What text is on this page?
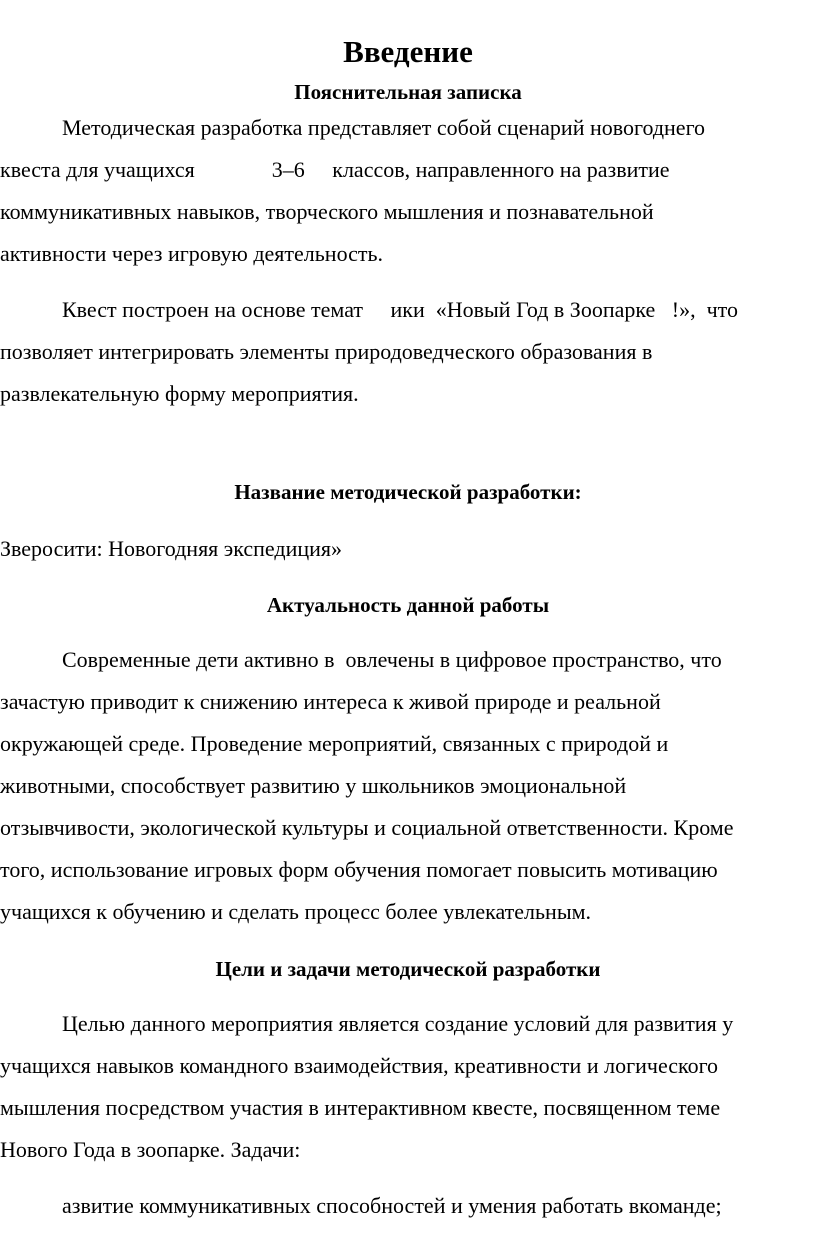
Введение
Пояснительная записка

Методическая разработка представляет собой сценарий новогоднего

квеста для учащихся              3–6     классов, направленного на развитие

коммуникативных навыков, творческого мышления и познавательной

активности через игровую деятельность.

Квест построен на основе темат     ики  «Новый Год в Зоопарке   !»,  что

позволяет интегрировать элементы природоведческого образования в

развлекательную форму мероприятия.

Название методической разработки:

Зверосити: Новогодняя экспедиция»

Актуальность данной работы

Современные дети активно в  овлечены в цифровое пространство, что

зачастую приводит к снижению интереса к живой природе и реальной

окружающей среде. Проведение мероприятий, связанных с природой и

животными, способствует развитию у школьников эмоциональной

отзывчивости, экологической культуры и социальной ответственности. Кроме

того, использование игровых форм обучения помогает повысить мотивацию

учащихся к обучению и сделать процесс более увлекательным.

Цели и задачи методической разработки

Целью данного мероприятия является создание условий для развития у

учащихся навыков командного взаимодействия, креативности и логического

мышления посредством участия в интерактивном квесте, посвященном теме

Нового Года в зоопарке. Задачи:

азвитие коммуникативных способностей и умения работать вкоманде;
